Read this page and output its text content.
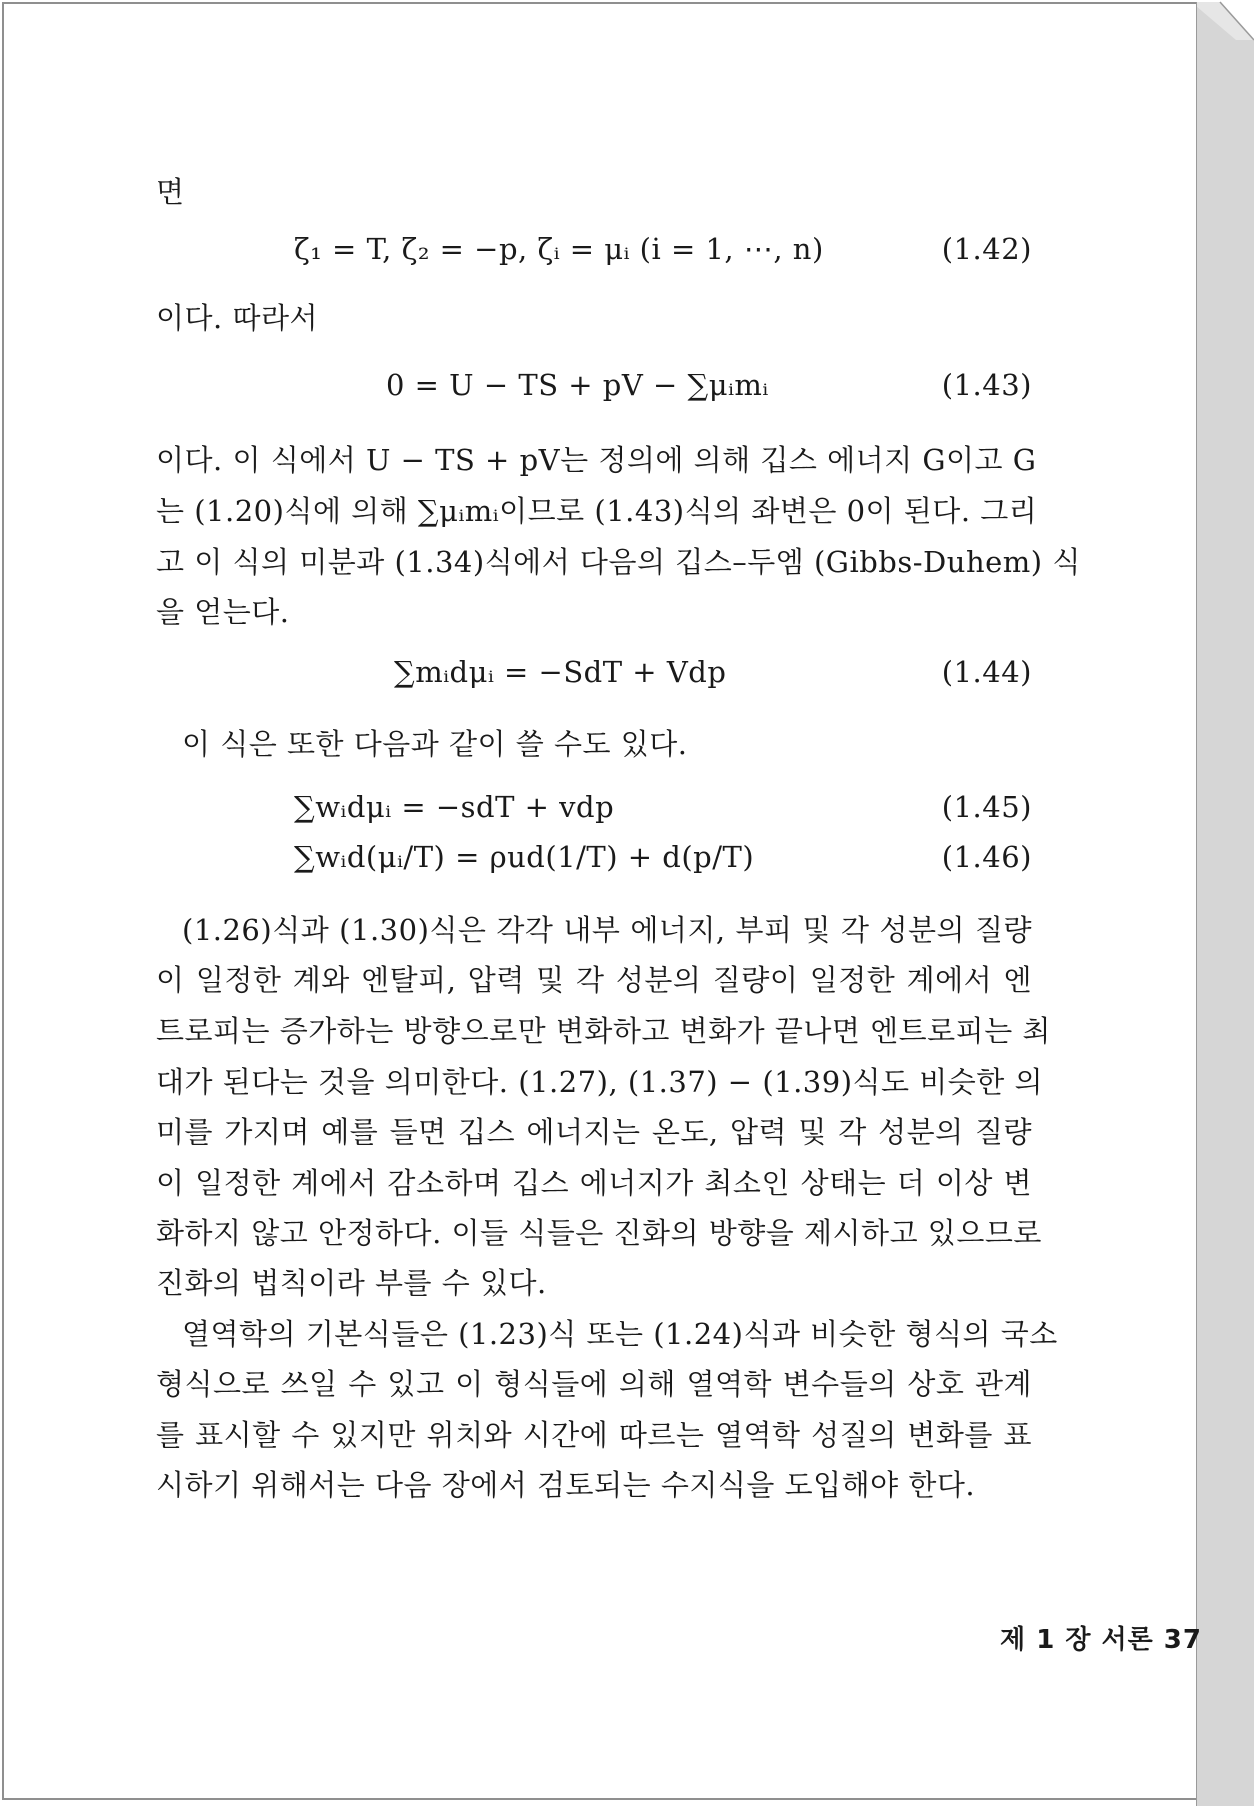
면
ζ₁ = T, ζ₂ = −p, ζᵢ = μᵢ (i = 1, ⋯, n)	(1.42)
이다. 따라서
0 = U − TS + pV − ∑μᵢmᵢ	(1.43)
이다. 이 식에서 U − TS + pV는 정의에 의해 깁스 에너지 G이고 G
는 (1.20)식에 의해 ∑μᵢmᵢ이므로 (1.43)식의 좌변은 0이 된다. 그리
고 이 식의 미분과 (1.34)식에서 다음의 깁스–두엠 (Gibbs-Duhem) 식
을 얻는다.
∑mᵢdμᵢ = −SdT + Vdp	(1.44)
이 식은 또한 다음과 같이 쓸 수도 있다.
∑wᵢdμᵢ = −sdT + vdp	(1.45)
∑wᵢd(μᵢ/T) = ρud(1/T) + d(p/T)	(1.46)
(1.26)식과 (1.30)식은 각각 내부 에너지, 부피 및 각 성분의 질량
이 일정한 계와 엔탈피, 압력 및 각 성분의 질량이 일정한 계에서 엔
트로피는 증가하는 방향으로만 변화하고 변화가 끝나면 엔트로피는 최
대가 된다는 것을 의미한다. (1.27), (1.37) − (1.39)식도 비슷한 의
미를 가지며 예를 들면 깁스 에너지는 온도, 압력 및 각 성분의 질량
이 일정한 계에서 감소하며 깁스 에너지가 최소인 상태는 더 이상 변
화하지 않고 안정하다. 이들 식들은 진화의 방향을 제시하고 있으므로
진화의 법칙이라 부를 수 있다.
열역학의 기본식들은 (1.23)식 또는 (1.24)식과 비슷한 형식의 국소
형식으로 쓰일 수 있고 이 형식들에 의해 열역학 변수들의 상호 관계
를 표시할 수 있지만 위치와 시간에 따르는 열역학 성질의 변화를 표
시하기 위해서는 다음 장에서 검토되는 수지식을 도입해야 한다.
제 1 장 서론 37
